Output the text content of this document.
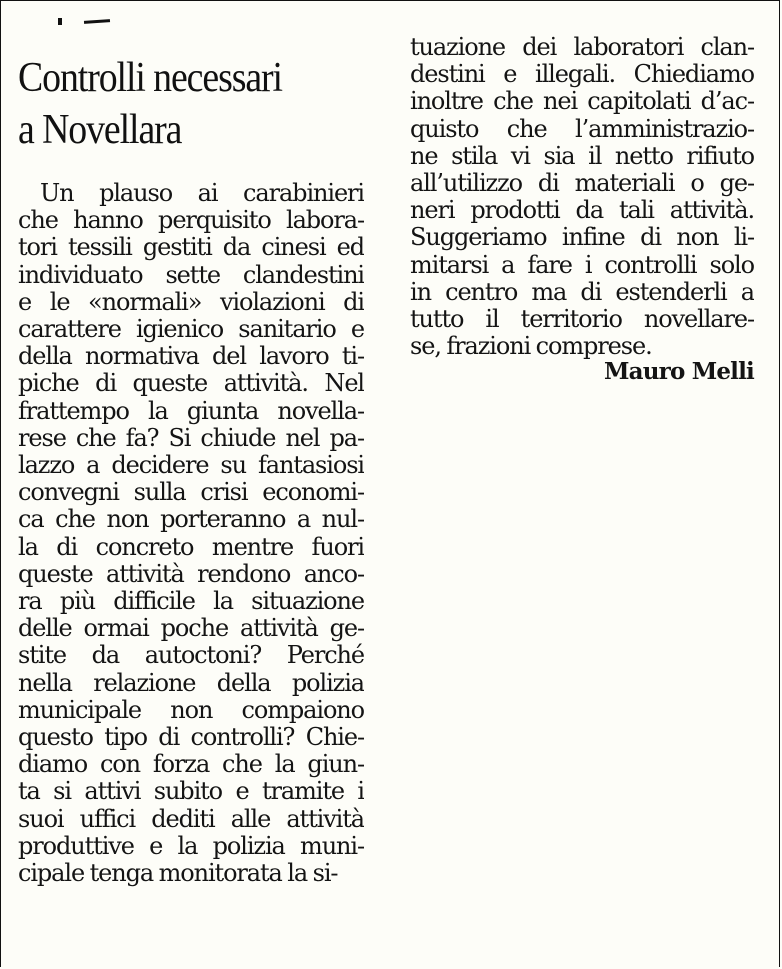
Controlli necessari
a Novellara
Un plauso ai carabinieri
che hanno perquisito labora-
tori tessili gestiti da cinesi ed
individuato sette clandestini
e le «normali» violazioni di
carattere igienico sanitario e
della normativa del lavoro ti-
piche di queste attività. Nel
frattempo la giunta novella-
rese che fa? Si chiude nel pa-
lazzo a decidere su fantasiosi
convegni sulla crisi economi-
ca che non porteranno a nul-
la di concreto mentre fuori
queste attività rendono anco-
ra più difficile la situazione
delle ormai poche attività ge-
stite da autoctoni? Perché
nella relazione della polizia
municipale non compaiono
questo tipo di controlli? Chie-
diamo con forza che la giun-
ta si attivi subito e tramite i
suoi uffici dediti alle attività
produttive e la polizia muni-
cipale tenga monitorata la si-
tuazione dei laboratori clan-
destini e illegali. Chiediamo
inoltre che nei capitolati d’ac-
quisto che l’amministrazio-
ne stila vi sia il netto rifiuto
all’utilizzo di materiali o ge-
neri prodotti da tali attività.
Suggeriamo infine di non li-
mitarsi a fare i controlli solo
in centro ma di estenderli a
tutto il territorio novellare-
se, frazioni comprese.

Mauro Melli
